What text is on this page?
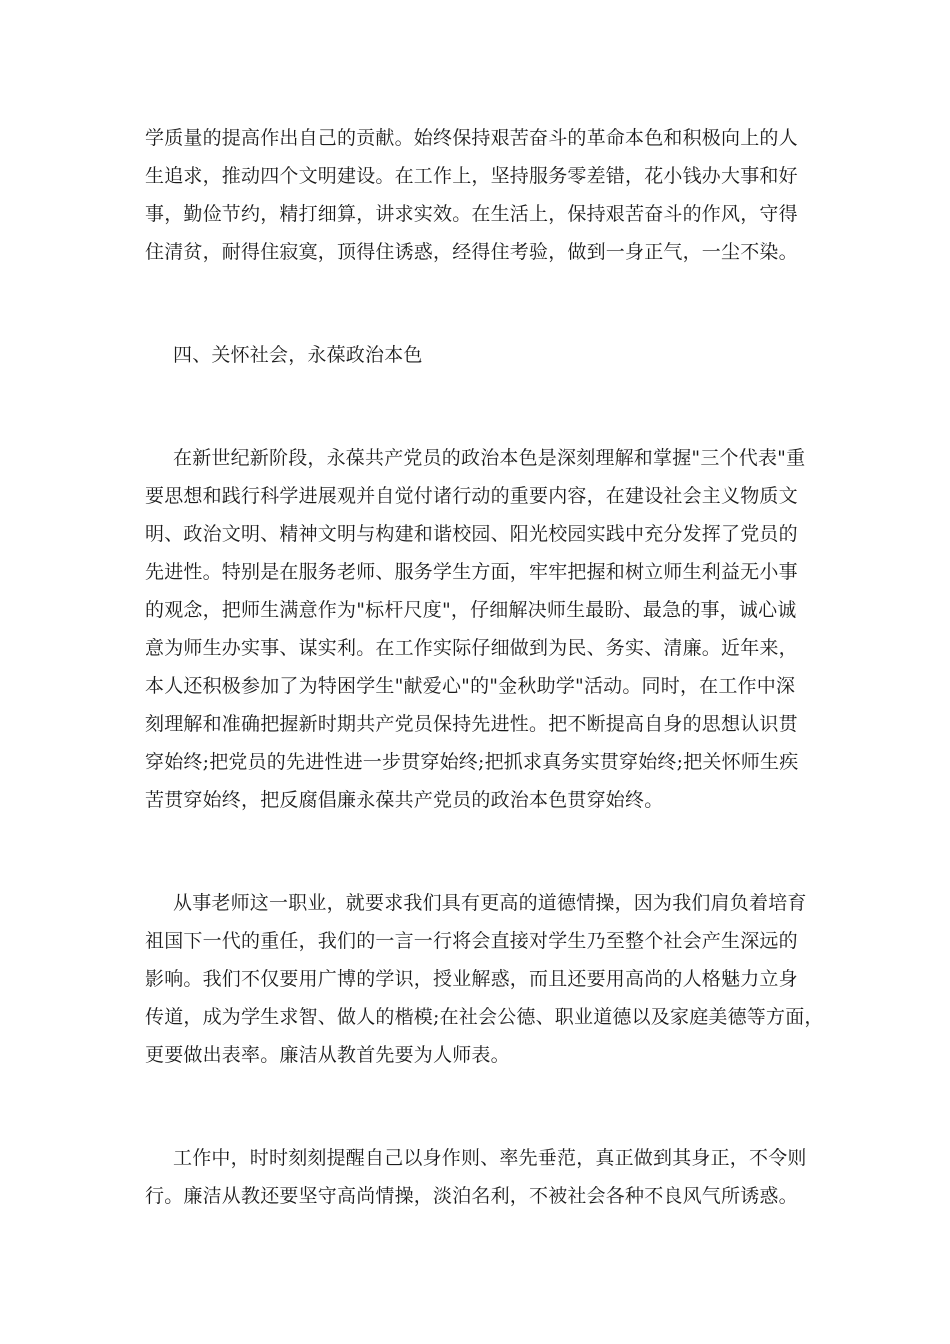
学质量的提高作出自己的贡献。始终保持艰苦奋斗的革命本色和积极向上的人
生追求，推动四个文明建设。在工作上，坚持服务零差错，花小钱办大事和好
事，勤俭节约，精打细算，讲求实效。在生活上，保持艰苦奋斗的作风，守得
住清贫，耐得住寂寞，顶得住诱惑，经得住考验，做到一身正气，一尘不染。
四、关怀社会，永葆政治本色
在新世纪新阶段，永葆共产党员的政治本色是深刻理解和掌握"三个代表"重
要思想和践行科学进展观并自觉付诸行动的重要内容，在建设社会主义物质文
明、政治文明、精神文明与构建和谐校园、阳光校园实践中充分发挥了党员的
先进性。特别是在服务老师、服务学生方面，牢牢把握和树立师生利益无小事
的观念，把师生满意作为"标杆尺度"，仔细解决师生最盼、最急的事，诚心诚
意为师生办实事、谋实利。在工作实际仔细做到为民、务实、清廉。近年来，
本人还积极参加了为特困学生"献爱心"的"金秋助学"活动。同时，在工作中深
刻理解和准确把握新时期共产党员保持先进性。把不断提高自身的思想认识贯
穿始终;把党员的先进性进一步贯穿始终;把抓求真务实贯穿始终;把关怀师生疾
苦贯穿始终，把反腐倡廉永葆共产党员的政治本色贯穿始终。
从事老师这一职业，就要求我们具有更高的道德情操，因为我们肩负着培育
祖国下一代的重任，我们的一言一行将会直接对学生乃至整个社会产生深远的
影响。我们不仅要用广博的学识，授业解惑，而且还要用高尚的人格魅力立身
传道，成为学生求智、做人的楷模;在社会公德、职业道德以及家庭美德等方面，
更要做出表率。廉洁从教首先要为人师表。
工作中，时时刻刻提醒自己以身作则、率先垂范，真正做到其身正，不令则
行。廉洁从教还要坚守高尚情操，淡泊名利，不被社会各种不良风气所诱惑。
